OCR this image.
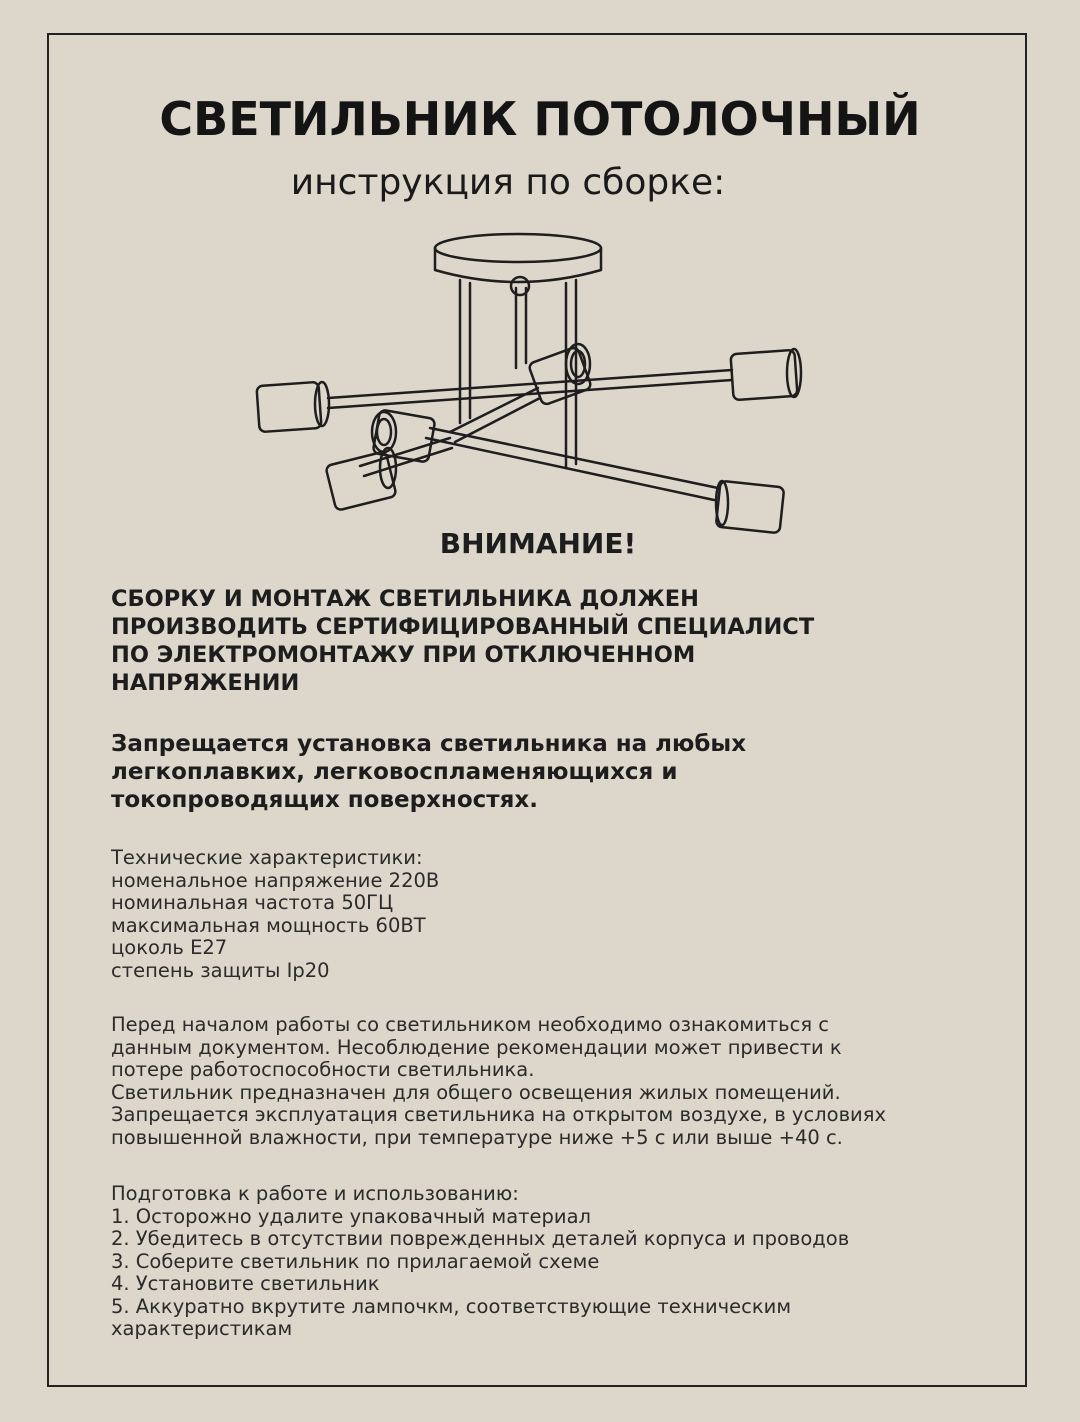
СВЕТИЛЬНИК ПОТОЛОЧНЫЙ
инструкция по сборке:
ВНИМАНИЕ!
СБОРКУ И МОНТАЖ СВЕТИЛЬНИКА ДОЛЖЕН
ПРОИЗВОДИТЬ СЕРТИФИЦИРОВАННЫЙ СПЕЦИАЛИСТ
ПО ЭЛЕКТРОМОНТАЖУ ПРИ ОТКЛЮЧЕННОМ
НАПРЯЖЕНИИ
Запрещается установка светильника на любых
легкоплавких, легковоспламеняющихся и
токопроводящих поверхностях.
Технические характеристики:
номенальное напряжение 220В
номинальная частота 50ГЦ
максимальная мощность 60ВТ
цоколь Е27
степень защиты Ip20
Перед началом работы со светильником необходимо ознакомиться с
данным документом. Несоблюдение рекомендации может привести к
потере работоспособности светильника.
Светильник предназначен для общего освещения жилых помещений.
Запрещается эксплуатация светильника на открытом воздухе, в условиях
повышенной влажности, при температуре ниже +5 с или выше +40 с.
Подготовка к работе и использованию:
1. Осторожно удалите упаковачный материал
2. Убедитесь в отсутствии поврежденных деталей корпуса и проводов
3. Соберите светильник по прилагаемой схеме
4. Установите светильник
5. Аккуратно вкрутите лампочкм, соответствующие техническим
характеристикам
